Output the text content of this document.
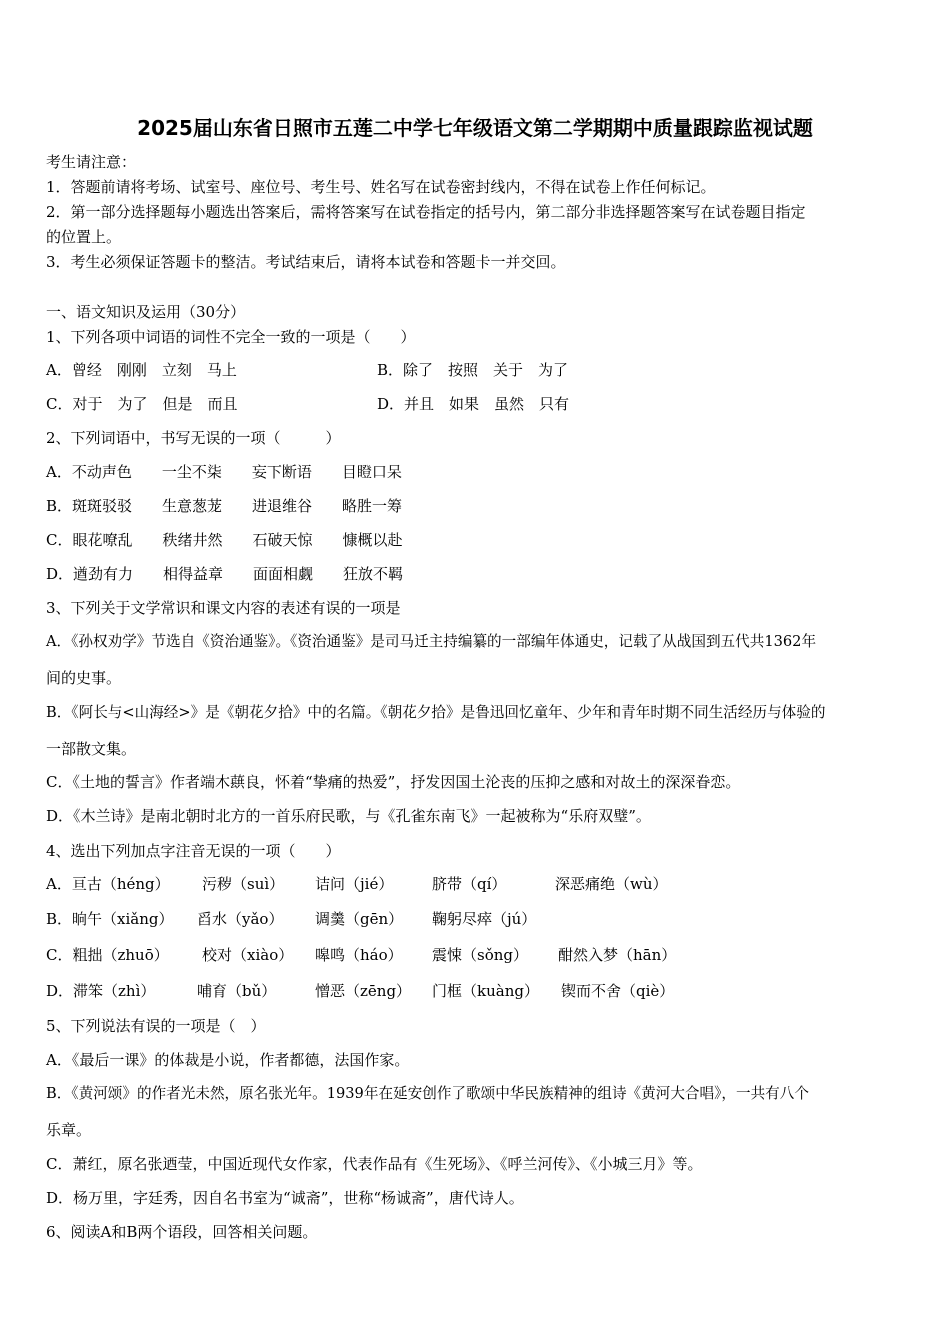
2025届山东省日照市五莲二中学七年级语文第二学期期中质量跟踪监视试题
考生请注意：
1．答题前请将考场、试室号、座位号、考生号、姓名写在试卷密封线内，不得在试卷上作任何标记。
2．第一部分选择题每小题选出答案后，需将答案写在试卷指定的括号内，第二部分非选择题答案写在试卷题目指定
的位置上。
3．考生必须保证答题卡的整洁。考试结束后，请将本试卷和答题卡一并交回。
一、语文知识及运用（30分）
1、下列各项中词语的词性不完全一致的一项是（　　）
A．曾经　刚刚　立刻　马上	B．除了　按照　关于　为了
C．对于　为了　但是　而且	D．并且　如果　虽然　只有
2、下列词语中，书写无误的一项（　　　）
A．不动声色　　一尘不柒　　妄下断语　　目瞪口呆
B．斑斑驳驳　　生意葱茏　　进退维谷　　略胜一筹
C．眼花嘹乱　　秩绪井然　　石破天惊　　慷概以赴
D．遒劲有力　　相得益章　　面面相觑　　狂放不羁
3、下列关于文学常识和课文内容的表述有误的一项是
A．《孙权劝学》节选自《资治通鉴》。《资治通鉴》是司马迁主持编纂的一部编年体通史，记载了从战国到五代共1362年
间的史事。
B．《阿长与<山海经>》是《朝花夕拾》中的名篇。《朝花夕拾》是鲁迅回忆童年、少年和青年时期不同生活经历与体验的
一部散文集。
C．《土地的誓言》作者端木蕻良，怀着“挚痛的热爱”，抒发因国土沦丧的压抑之感和对故土的深深眷恋。
D．《木兰诗》是南北朝时北方的一首乐府民歌，与《孔雀东南飞》一起被称为“乐府双璧”。
4、选出下列加点字注音无误的一项（　　）
A．亘古（héng） 污秽（suì） 诘问（jié）	脐带（qí）	深恶痛绝（wù）
B．晌午（xiǎng） 舀水（yǎo） 调羹（gēn） 鞠躬尽瘁（jú）
C．粗拙（zhuō） 校对（xiào） 嗥鸣（háo） 震悚（sǒng） 酣然入梦（hān）
D．滞笨（zhì）	哺育（bǔ）	憎恶（zēng） 门框（kuàng） 锲而不舍（qiè）
5、下列说法有误的一项是（　）
A．《最后一课》的体裁是小说，作者都德，法国作家。
B．《黄河颂》的作者光未然，原名张光年。1939年在延安创作了歌颂中华民族精神的组诗《黄河大合唱》，一共有八个
乐章。
C．萧红，原名张迺莹，中国近现代女作家，代表作品有《生死场》、《呼兰河传》、《小城三月》等。
D．杨万里，字廷秀，因自名书室为“诚斋”，世称“杨诚斋”，唐代诗人。
6、阅读A和B两个语段，回答相关问题。
